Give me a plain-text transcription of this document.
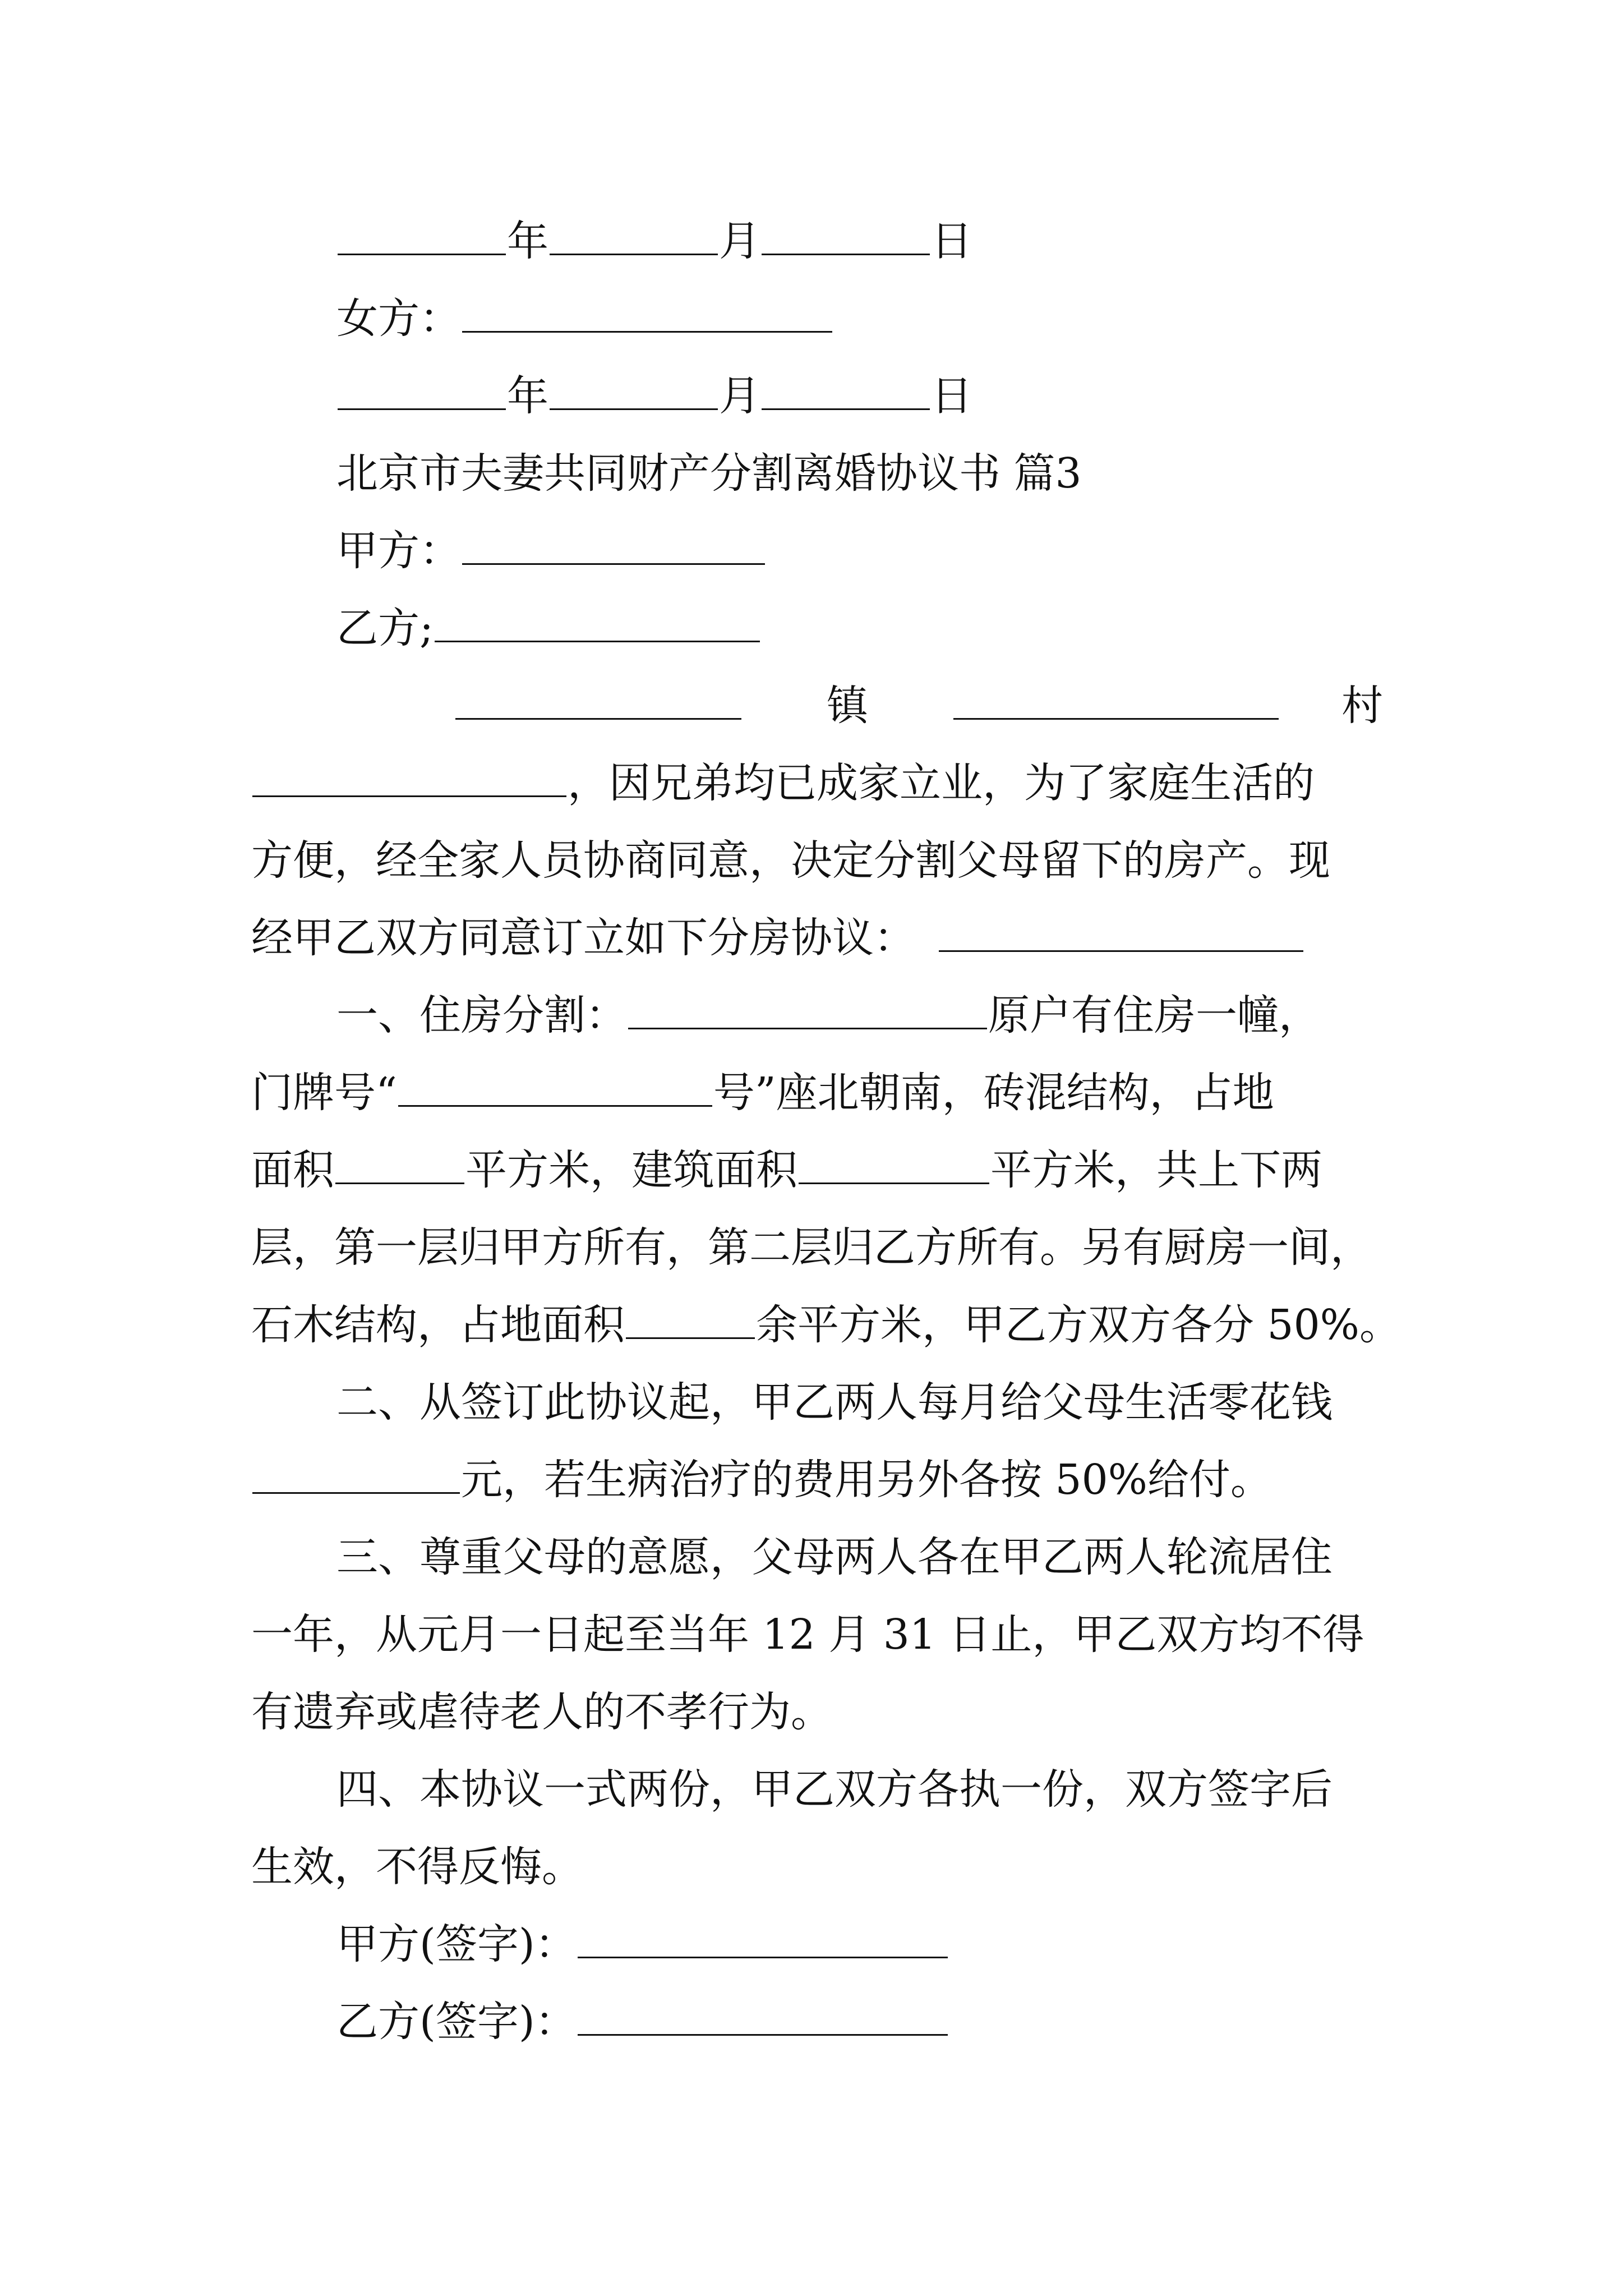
年	月	日
女方：
年	月	日
北京市夫妻共同财产分割离婚协议书 篇3
甲方：
乙方;
镇	村
，因兄弟均已成家立业，为了家庭生活的
方便，经全家人员协商同意，决定分割父母留下的房产。现
经甲乙双方同意订立如下分房协议：
一、住房分割：	原户有住房一幢，
门牌号“	号”座北朝南，砖混结构，占地
面积	平方米，建筑面积	平方米，共上下两
层，第一层归甲方所有，第二层归乙方所有。另有厨房一间，
石木结构，占地面积	余平方米，甲乙方双方各分 50%。
二、从签订此协议起，甲乙两人每月给父母生活零花钱
元，若生病治疗的费用另外各按 50%给付。
三、尊重父母的意愿，父母两人各在甲乙两人轮流居住
一年，从元月一日起至当年 12 月 31 日止，甲乙双方均不得
有遗弃或虐待老人的不孝行为。
四、本协议一式两份，甲乙双方各执一份，双方签字后
生效，不得反悔。
甲方(签字)：
乙方(签字)：
